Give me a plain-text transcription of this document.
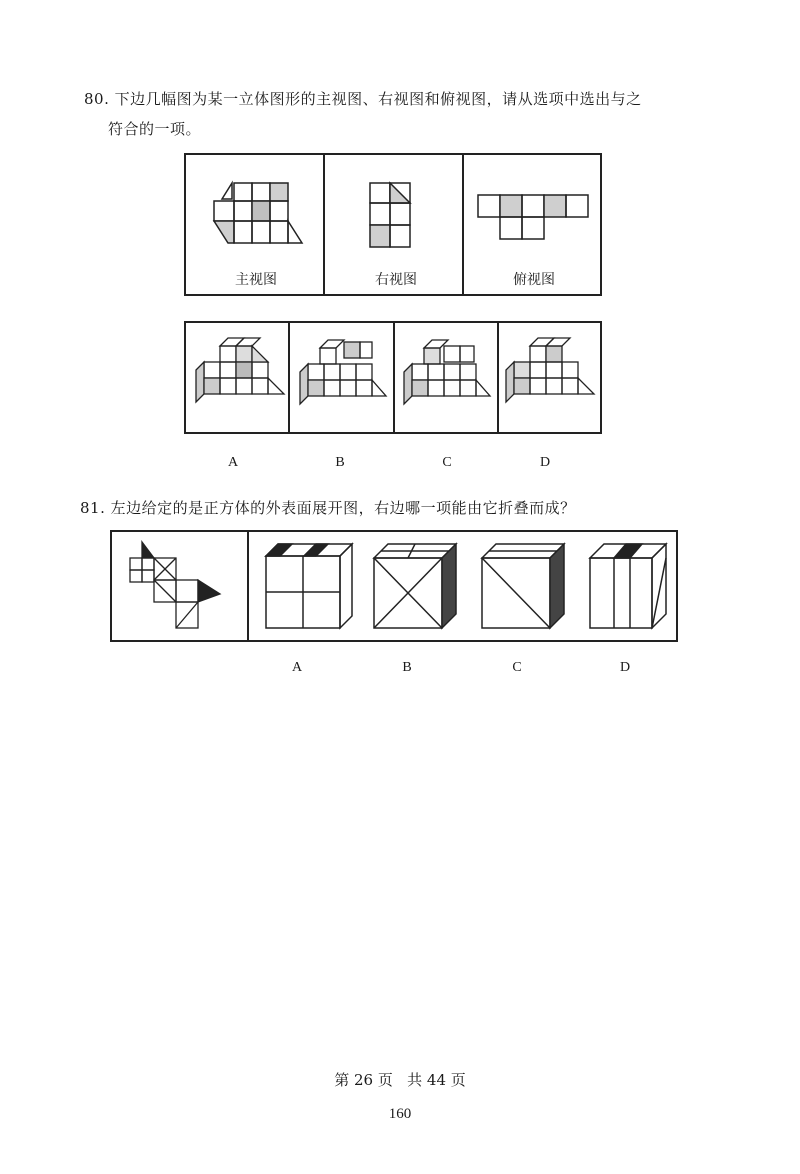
80. 下边几幅图为某一立体图形的主视图、右视图和俯视图，请从选项中选出与之
符合的一项。
主视图	右视图	俯视图
A	B	C	D
81. 左边给定的是正方体的外表面展开图，右边哪一项能由它折叠而成？
A	B	C	D
第 26 页   共 44 页
160
